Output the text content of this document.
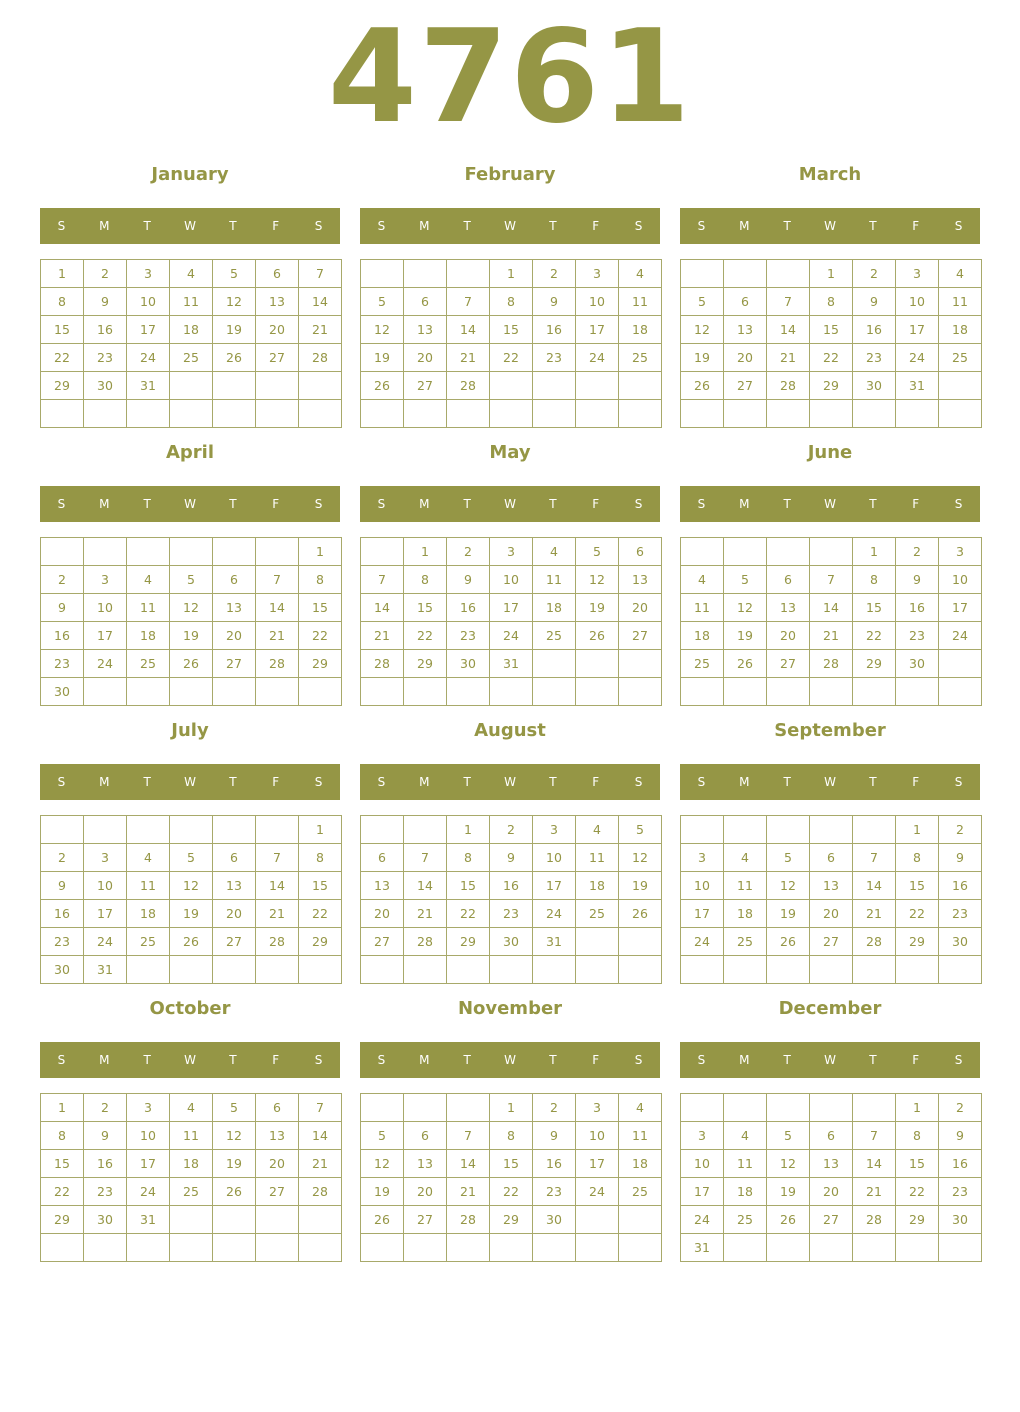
4761
January
S	M	T	W	T	F	S
1	2	3	4	5	6	7
8	9	10	11	12	13	14
15	16	17	18	19	20	21
22	23	24	25	26	27	28
29	30	31				

February
S	M	T	W	T	F	S
			1	2	3	4
5	6	7	8	9	10	11
12	13	14	15	16	17	18
19	20	21	22	23	24	25
26	27	28				

March
S	M	T	W	T	F	S
			1	2	3	4
5	6	7	8	9	10	11
12	13	14	15	16	17	18
19	20	21	22	23	24	25
26	27	28	29	30	31	

April
S	M	T	W	T	F	S
						1
2	3	4	5	6	7	8
9	10	11	12	13	14	15
16	17	18	19	20	21	22
23	24	25	26	27	28	29
30						
May
S	M	T	W	T	F	S
	1	2	3	4	5	6
7	8	9	10	11	12	13
14	15	16	17	18	19	20
21	22	23	24	25	26	27
28	29	30	31			

June
S	M	T	W	T	F	S
				1	2	3
4	5	6	7	8	9	10
11	12	13	14	15	16	17
18	19	20	21	22	23	24
25	26	27	28	29	30	

July
S	M	T	W	T	F	S
						1
2	3	4	5	6	7	8
9	10	11	12	13	14	15
16	17	18	19	20	21	22
23	24	25	26	27	28	29
30	31					
August
S	M	T	W	T	F	S
		1	2	3	4	5
6	7	8	9	10	11	12
13	14	15	16	17	18	19
20	21	22	23	24	25	26
27	28	29	30	31		

September
S	M	T	W	T	F	S
					1	2
3	4	5	6	7	8	9
10	11	12	13	14	15	16
17	18	19	20	21	22	23
24	25	26	27	28	29	30

October
S	M	T	W	T	F	S
1	2	3	4	5	6	7
8	9	10	11	12	13	14
15	16	17	18	19	20	21
22	23	24	25	26	27	28
29	30	31				

November
S	M	T	W	T	F	S
			1	2	3	4
5	6	7	8	9	10	11
12	13	14	15	16	17	18
19	20	21	22	23	24	25
26	27	28	29	30		

December
S	M	T	W	T	F	S
					1	2
3	4	5	6	7	8	9
10	11	12	13	14	15	16
17	18	19	20	21	22	23
24	25	26	27	28	29	30
31						
